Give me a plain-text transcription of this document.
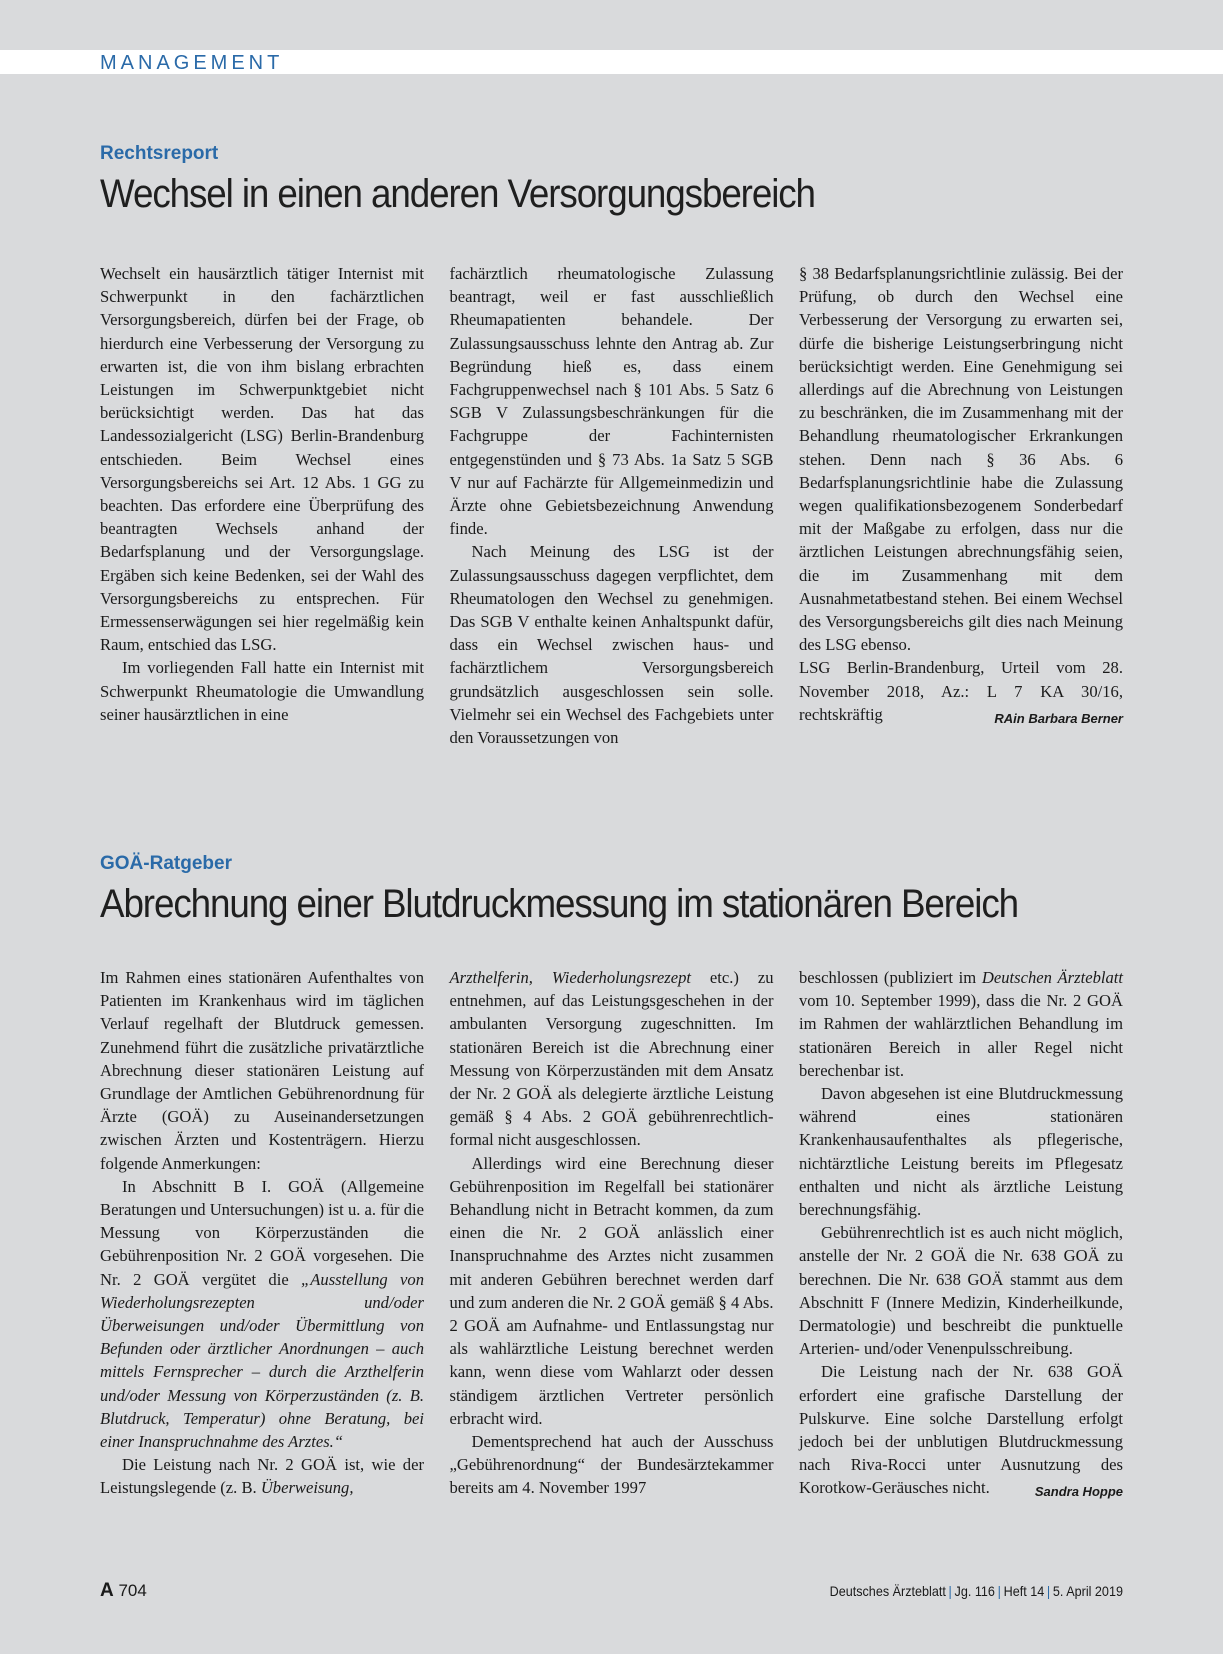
MANAGEMENT
Rechtsreport
Wechsel in einen anderen Versorgungsbereich

Wechselt ein hausärztlich tätiger Internist mit Schwerpunkt in den fachärztlichen Versorgungsbereich, dürfen bei der Frage, ob hierdurch eine Verbesserung der Versorgung zu erwarten ist, die von ihm bislang erbrachten Leistungen im Schwerpunktgebiet nicht berücksichtigt werden. Das hat das Landessozialgericht (LSG) Berlin-Brandenburg entschieden. Beim Wechsel eines Versorgungsbereichs sei Art. 12 Abs. 1 GG zu beachten. Das erfordere eine Überprüfung des beantragten Wechsels anhand der Bedarfsplanung und der Versorgungslage. Ergäben sich keine Bedenken, sei der Wahl des Versorgungsbereichs zu entsprechen. Für Ermessenserwägungen sei hier regelmäßig kein Raum, entschied das LSG.

Im vorliegenden Fall hatte ein Internist mit Schwerpunkt Rheumatologie die Umwandlung seiner hausärztlichen in eine

fachärztlich rheumatologische Zulassung beantragt, weil er fast ausschließlich Rheumapatienten behandele. Der Zulassungsausschuss lehnte den Antrag ab. Zur Begründung hieß es, dass einem Fachgruppenwechsel nach § 101 Abs. 5 Satz 6 SGB V Zulassungsbeschränkungen für die Fachgruppe der Fachinternisten entgegenstünden und § 73 Abs. 1a Satz 5 SGB V nur auf Fachärzte für Allgemeinmedizin und Ärzte ohne Gebietsbezeichnung Anwendung finde.

Nach Meinung des LSG ist der Zulassungsausschuss dagegen verpflichtet, dem Rheumatologen den Wechsel zu genehmigen. Das SGB V enthalte keinen Anhaltspunkt dafür, dass ein Wechsel zwischen haus- und fachärztlichem Versorgungsbereich grundsätzlich ausgeschlossen sein solle. Vielmehr sei ein Wechsel des Fachgebiets unter den Voraussetzungen von

§ 38 Bedarfsplanungsrichtlinie zulässig. Bei der Prüfung, ob durch den Wechsel eine Verbesserung der Versorgung zu erwarten sei, dürfe die bisherige Leistungserbringung nicht berücksichtigt werden. Eine Genehmigung sei allerdings auf die Abrechnung von Leistungen zu beschränken, die im Zusammenhang mit der Behandlung rheumatologischer Erkrankungen stehen. Denn nach § 36 Abs. 6 Bedarfsplanungsrichtlinie habe die Zulassung wegen qualifikationsbezogenem Sonderbedarf mit der Maßgabe zu erfolgen, dass nur die ärztlichen Leistungen abrechnungsfähig seien, die im Zusammenhang mit dem Ausnahmetatbestand stehen. Bei einem Wechsel des Versorgungsbereichs gilt dies nach Meinung des LSG ebenso.

LSG Berlin-Brandenburg, Urteil vom 28. November 2018, Az.: L 7 KA 30/16, rechtskräftig	RAin Barbara Berner

GOÄ-Ratgeber
Abrechnung einer Blutdruckmessung im stationären Bereich

Im Rahmen eines stationären Aufenthaltes von Patienten im Krankenhaus wird im täglichen Verlauf regelhaft der Blutdruck gemessen. Zunehmend führt die zusätzliche privatärztliche Abrechnung dieser stationären Leistung auf Grundlage der Amtlichen Gebührenordnung für Ärzte (GOÄ) zu Auseinandersetzungen zwischen Ärzten und Kostenträgern. Hierzu folgende Anmerkungen:

In Abschnitt B I. GOÄ (Allgemeine Beratungen und Untersuchungen) ist u. a. für die Messung von Körperzuständen die Gebührenposition Nr. 2 GOÄ vorgesehen. Die Nr. 2 GOÄ vergütet die „Ausstellung von Wiederholungsrezepten und/oder Überweisungen und/oder Übermittlung von Befunden oder ärztlicher Anordnungen – auch mittels Fernsprecher – durch die Arzthelferin und/oder Messung von Körperzuständen (z. B. Blutdruck, Temperatur) ohne Beratung, bei einer Inanspruchnahme des Arztes.“

Die Leistung nach Nr. 2 GOÄ ist, wie der Leistungslegende (z. B. Überweisung,

Arzthelferin, Wiederholungsrezept etc.) zu entnehmen, auf das Leistungsgeschehen in der ambulanten Versorgung zugeschnitten. Im stationären Bereich ist die Abrechnung einer Messung von Körperzuständen mit dem Ansatz der Nr. 2 GOÄ als delegierte ärztliche Leistung gemäß § 4 Abs. 2 GOÄ gebührenrechtlich-formal nicht ausgeschlossen.

Allerdings wird eine Berechnung dieser Gebührenposition im Regelfall bei stationärer Behandlung nicht in Betracht kommen, da zum einen die Nr. 2 GOÄ anlässlich einer Inanspruchnahme des Arztes nicht zusammen mit anderen Gebühren berechnet werden darf und zum anderen die Nr. 2 GOÄ gemäß § 4 Abs. 2 GOÄ am Aufnahme- und Entlassungstag nur als wahlärztliche Leistung berechnet werden kann, wenn diese vom Wahlarzt oder dessen ständigem ärztlichen Vertreter persönlich erbracht wird.

Dementsprechend hat auch der Ausschuss „Gebührenordnung“ der Bundesärztekammer bereits am 4. November 1997

beschlossen (publiziert im Deutschen Ärzteblatt vom 10. September 1999), dass die Nr. 2 GOÄ im Rahmen der wahlärztlichen Behandlung im stationären Bereich in aller Regel nicht berechenbar ist.

Davon abgesehen ist eine Blutdruckmessung während eines stationären Krankenhausaufenthaltes als pflegerische, nichtärztliche Leistung bereits im Pflegesatz enthalten und nicht als ärztliche Leistung berechnungsfähig.

Gebührenrechtlich ist es auch nicht möglich, anstelle der Nr. 2 GOÄ die Nr. 638 GOÄ zu berechnen. Die Nr. 638 GOÄ stammt aus dem Abschnitt F (Innere Medizin, Kinderheilkunde, Dermatologie) und beschreibt die punktuelle Arterien- und/oder Venenpulsschreibung.

Die Leistung nach der Nr. 638 GOÄ erfordert eine grafische Darstellung der Pulskurve. Eine solche Darstellung erfolgt jedoch bei der unblutigen Blutdruckmessung nach Riva-Rocci unter Ausnutzung des Korotkow-Geräusches nicht.	Sandra Hoppe

A 704	Deutsches Ärzteblatt | Jg. 116 | Heft 14 | 5. April 2019
